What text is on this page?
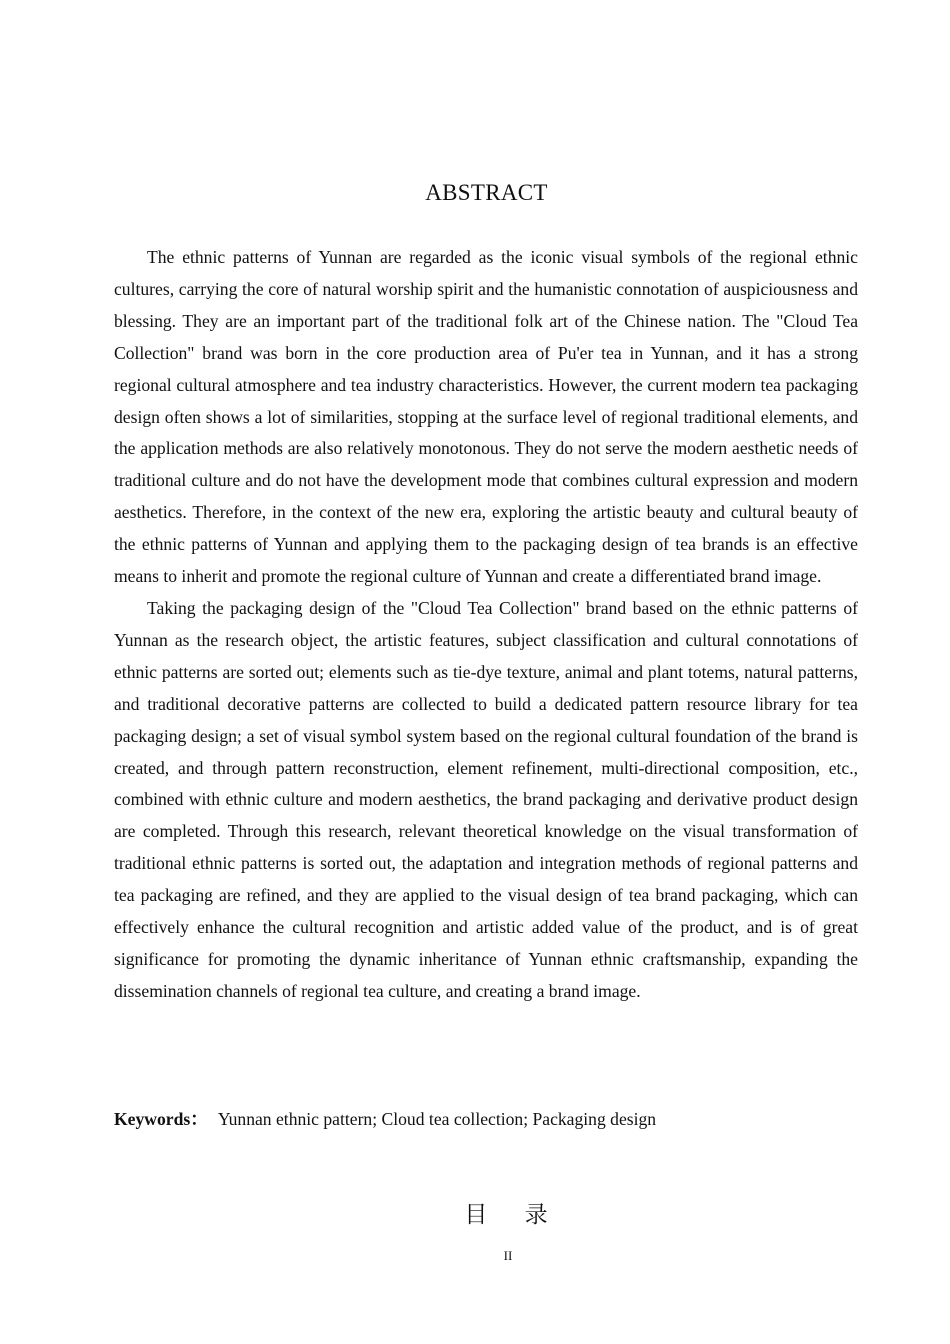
ABSTRACT

The ethnic patterns of Yunnan are regarded as the iconic visual symbols of the regional ethnic cultures, carrying the core of natural worship spirit and the humanistic connotation of auspiciousness and blessing. They are an important part of the traditional folk art of the Chinese nation. The "Cloud Tea Collection" brand was born in the core production area of Pu'er tea in Yunnan, and it has a strong regional cultural atmosphere and tea industry characteristics. However, the current modern tea packaging design often shows a lot of similarities, stopping at the surface level of regional traditional elements, and the application methods are also relatively monotonous. They do not serve the modern aesthetic needs of traditional culture and do not have the development mode that combines cultural expression and modern aesthetics. Therefore, in the context of the new era, exploring the artistic beauty and cultural beauty of the ethnic patterns of Yunnan and applying them to the packaging design of tea brands is an effective means to inherit and promote the regional culture of Yunnan and create a differentiated brand image.

Taking the packaging design of the "Cloud Tea Collection" brand based on the ethnic patterns of Yunnan as the research object, the artistic features, subject classification and cultural connotations of ethnic patterns are sorted out; elements such as tie-dye texture, animal and plant totems, natural patterns, and traditional decorative patterns are collected to build a dedicated pattern resource library for tea packaging design; a set of visual symbol system based on the regional cultural foundation of the brand is created, and through pattern reconstruction, element refinement, multi-directional composition, etc., combined with ethnic culture and modern aesthetics, the brand packaging and derivative product design are completed. Through this research, relevant theoretical knowledge on the visual transformation of traditional ethnic patterns is sorted out, the adaptation and integration methods of regional patterns and tea packaging are refined, and they are applied to the visual design of tea brand packaging, which can effectively enhance the cultural recognition and artistic added value of the product, and is of great significance for promoting the dynamic inheritance of Yunnan ethnic craftsmanship, expanding the dissemination channels of regional tea culture, and creating a brand image.

Keywords： Yunnan ethnic pattern; Cloud tea collection; Packaging design
目 录
II
